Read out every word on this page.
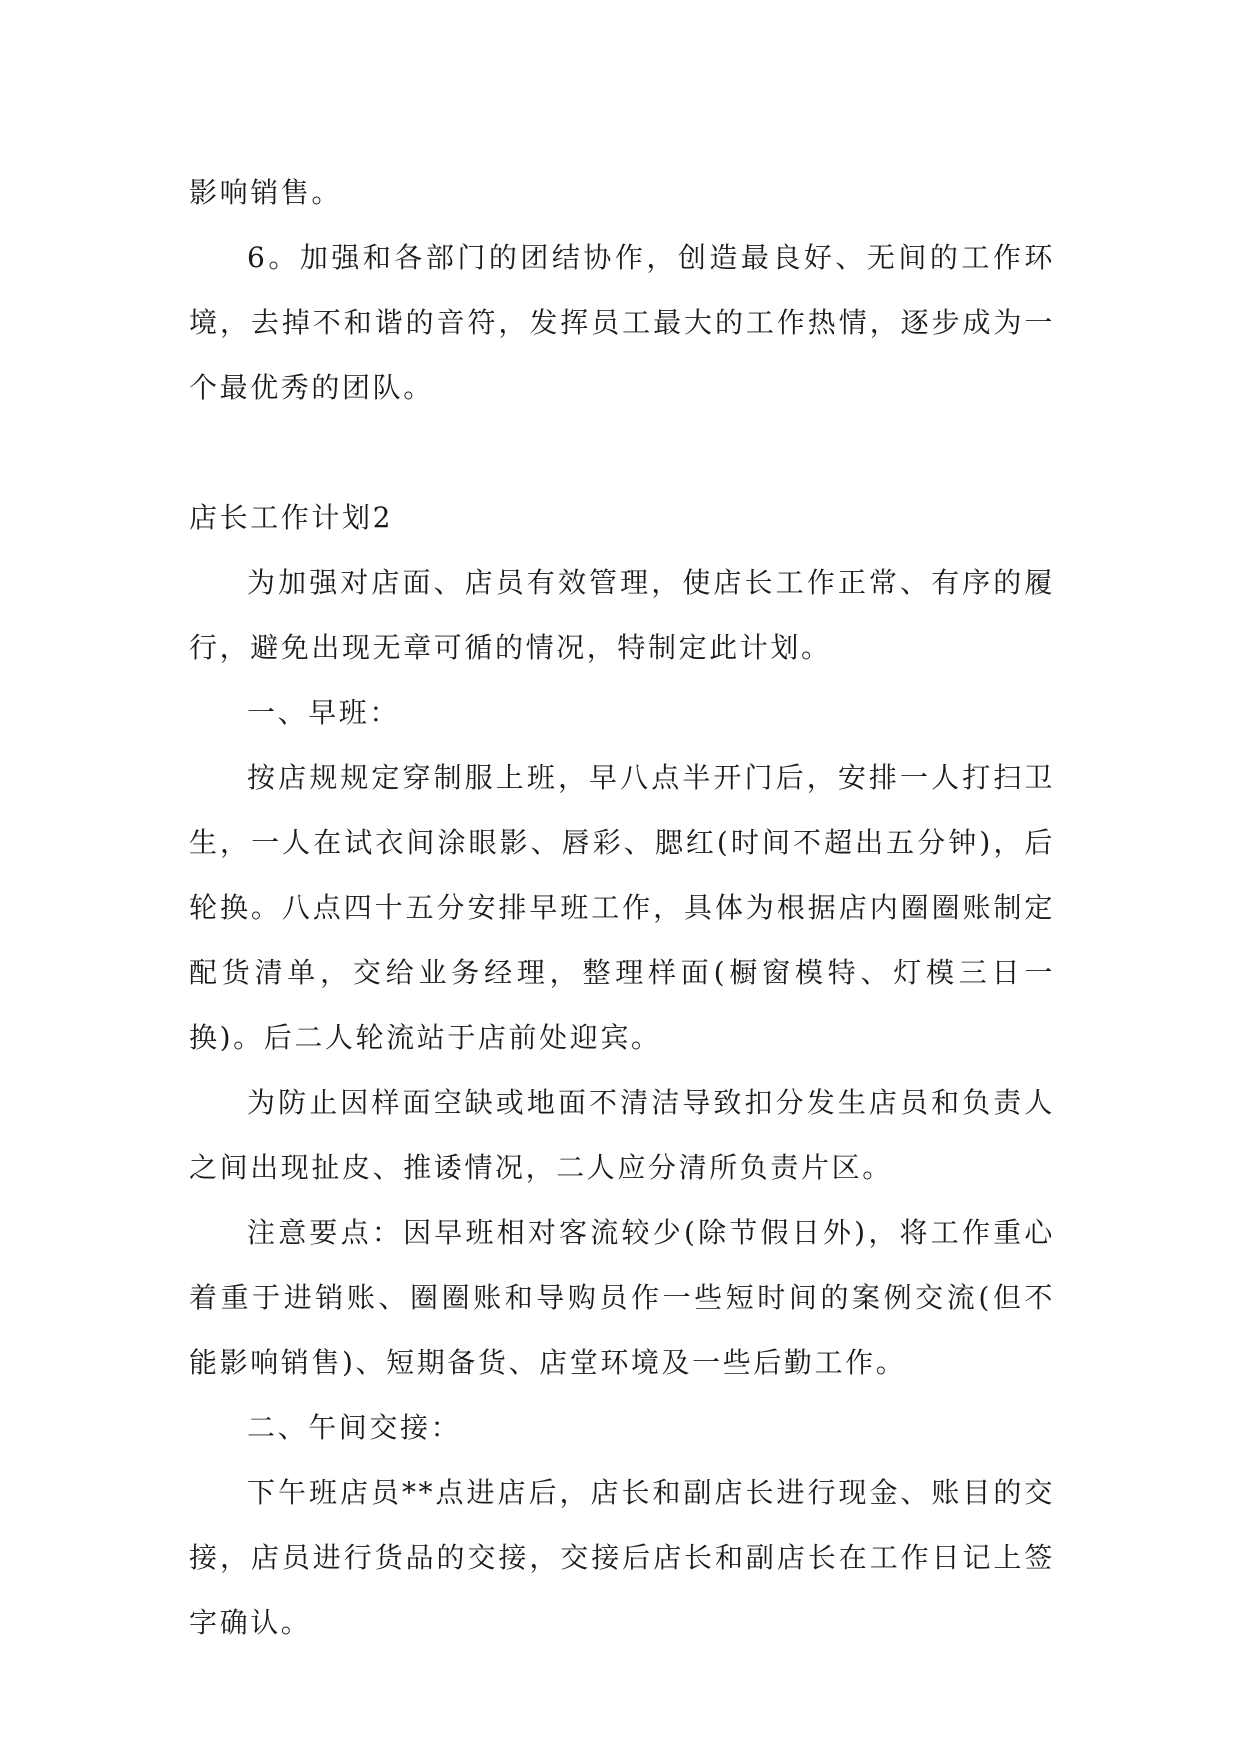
影响销售。

6。加强和各部门的团结协作，创造最良好、无间的工作环境，去掉不和谐的音符，发挥员工最大的工作热情，逐步成为一个最优秀的团队。

店长工作计划2

为加强对店面、店员有效管理，使店长工作正常、有序的履行，避免出现无章可循的情况，特制定此计划。

一、早班：

按店规规定穿制服上班，早八点半开门后，安排一人打扫卫生，一人在试衣间涂眼影、唇彩、腮红(时间不超出五分钟)，后轮换。八点四十五分安排早班工作，具体为根据店内圈圈账制定配货清单，交给业务经理，整理样面(橱窗模特、灯模三日一换)。后二人轮流站于店前处迎宾。

为防止因样面空缺或地面不清洁导致扣分发生店员和负责人之间出现扯皮、推诿情况，二人应分清所负责片区。

注意要点：因早班相对客流较少(除节假日外)，将工作重心着重于进销账、圈圈账和导购员作一些短时间的案例交流(但不能影响销售)、短期备货、店堂环境及一些后勤工作。

二、午间交接：

下午班店员**点进店后，店长和副店长进行现金、账目的交接，店员进行货品的交接，交接后店长和副店长在工作日记上签字确认。
